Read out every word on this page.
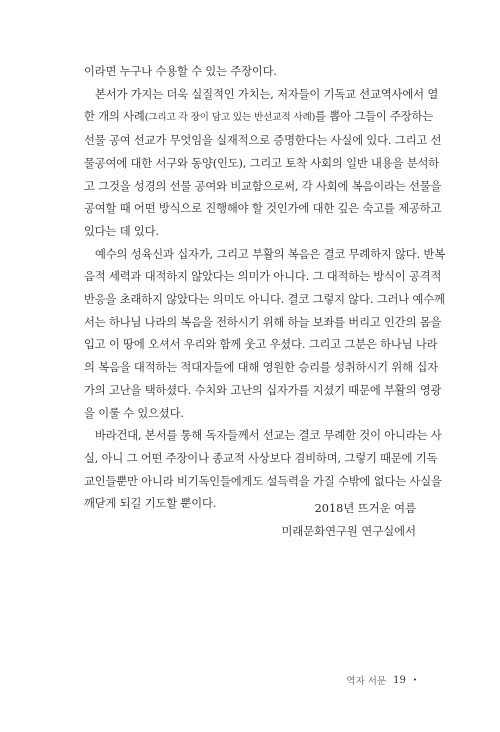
이라면 누구나 수용할 수 있는 주장이다.

본서가 가지는 더욱 실질적인 가치는, 저자들이 기독교 선교역사에서 열
한 개의 사례(그리고 각 장이 담고 있는 반선교적 사례)를 뽑아 그들이 주장하는
선물 공여 선교가 무엇임을 실재적으로 증명한다는 사실에 있다. 그리고 선
물공여에 대한 서구와 동양(인도), 그리고 토착 사회의 일반 내용을 분석하
고 그것을 성경의 선물 공여와 비교함으로써, 각 사회에 복음이라는 선물을
공여할 때 어떤 방식으로 진행해야 할 것인가에 대한 깊은 숙고를 제공하고
있다는 데 있다.

예수의 성육신과 십자가, 그리고 부활의 복음은 결코 무례하지 않다. 반복
음적 세력과 대적하지 않았다는 의미가 아니다. 그 대적하는 방식이 공격적
반응을 초래하지 않았다는 의미도 아니다. 결코 그렇지 않다. 그러나 예수께
서는 하나님 나라의 복음을 전하시기 위해 하늘 보좌를 버리고 인간의 몸을
입고 이 땅에 오셔서 우리와 함께 웃고 우셨다. 그리고 그분은 하나님 나라
의 복음을 대적하는 적대자들에 대해 영원한 승리를 성취하시기 위해 십자
가의 고난을 택하셨다. 수치와 고난의 십자가를 지셨기 때문에 부활의 영광
을 이룰 수 있으셨다.

바라건대, 본서를 통해 독자들께서 선교는 결코 무례한 것이 아니라는 사
실, 아니 그 어떤 주장이나 종교적 사상보다 겸비하며, 그렇기 때문에 기독
교인들뿐만 아니라 비기독인들에게도 설득력을 가질 수밖에 없다는 사실을
깨닫게 되길 기도할 뿐이다.	2018년 뜨거운 여름
미래문화연구원 연구실에서
역자 서문 19 •
